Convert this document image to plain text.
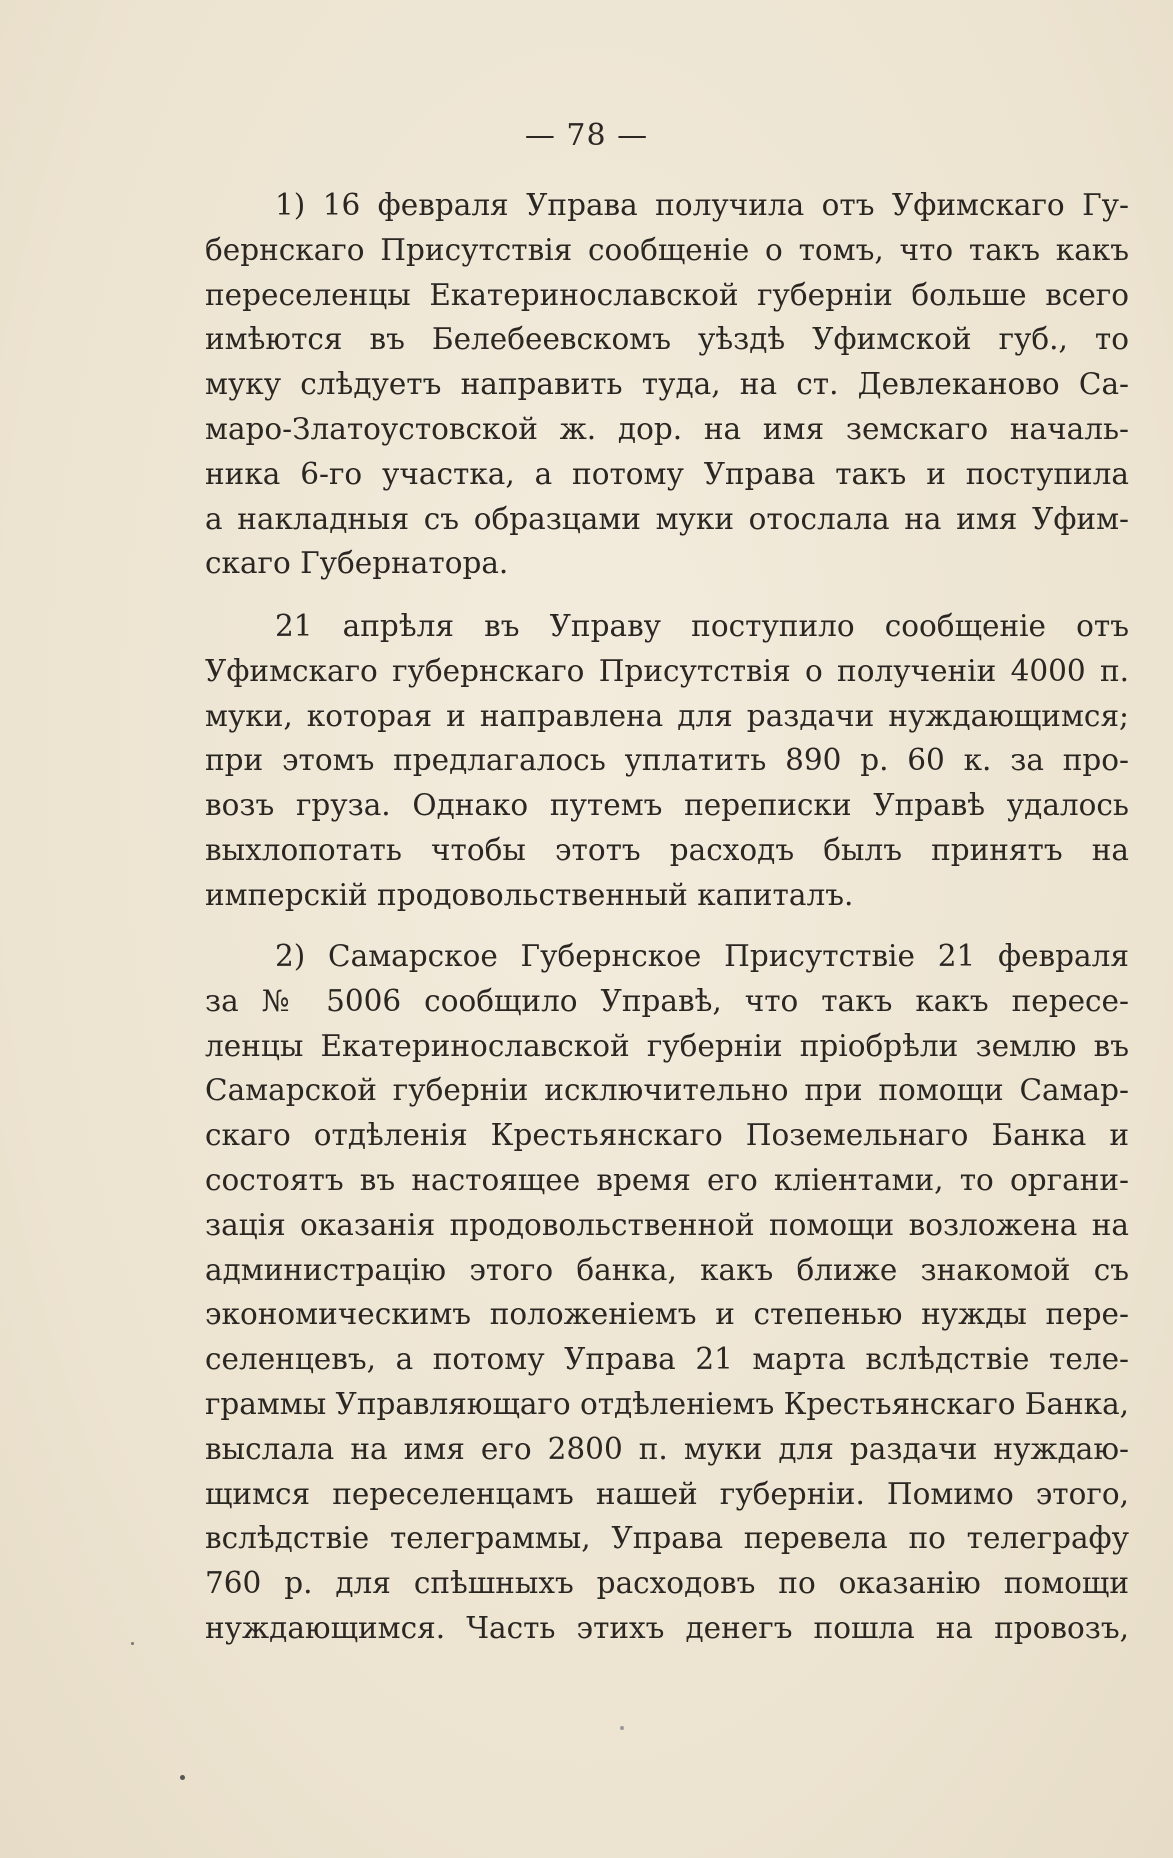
— 78 —
1) 16 февраля Управа получила отъ Уфимскаго Гу-
бернскаго Присутствія сообщеніе о томъ, что такъ какъ
переселенцы Екатеринославской губерніи больше всего
имѣются въ Белебеевскомъ уѣздѣ Уфимской губ., то
муку слѣдуетъ направить туда, на ст. Девлеканово Са-
маро-Златоустовской ж. дор. на имя земскаго началь-
ника 6-го участка, а потому Управа такъ и поступила
а накладныя съ образцами муки отослала на имя Уфим-
скаго Губернатора.
21 апрѣля въ Управу поступило сообщеніе отъ
Уфимскаго губернскаго Присутствія о полученіи 4000 п.
муки, которая и направлена для раздачи нуждающимся;
при этомъ предлагалось уплатить 890 р. 60 к. за про-
возъ груза. Однако путемъ переписки Управѣ удалось
выхлопотать чтобы этотъ расходъ былъ принятъ на
имперскій продовольственный капиталъ.
2) Самарское Губернское Присутствіе 21 февраля
за № 5006 сообщило Управѣ, что такъ какъ пересе-
ленцы Екатеринославской губерніи пріобрѣли землю въ
Самарской губерніи исключительно при помощи Самар-
скаго отдѣленія Крестьянскаго Поземельнаго Банка и
состоятъ въ настоящее время его кліентами, то органи-
зація оказанія продовольственной помощи возложена на
администрацію этого банка, какъ ближе знакомой съ
экономическимъ положеніемъ и степенью нужды пере-
селенцевъ, а потому Управа 21 марта вслѣдствіе теле-
граммы Управляющаго отдѣленіемъ Крестьянскаго Банка,
выслала на имя его 2800 п. муки для раздачи нуждаю-
щимся переселенцамъ нашей губерніи. Помимо этого,
вслѣдствіе телеграммы, Управа перевела по телеграфу
760 р. для спѣшныхъ расходовъ по оказанію помощи
нуждающимся. Часть этихъ денегъ пошла на провозъ,
